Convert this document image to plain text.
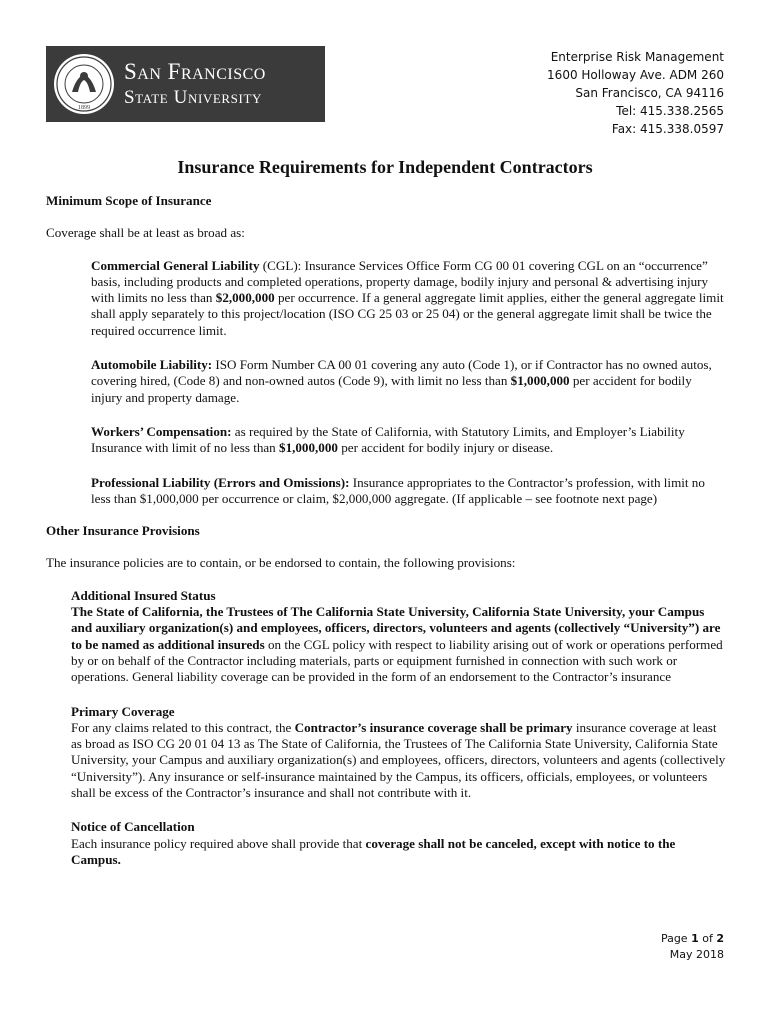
1899
San Francisco
State University
Enterprise Risk Management
1600 Holloway Ave. ADM 260
San Francisco, CA 94116
Tel: 415.338.2565
Fax: 415.338.0597
Insurance Requirements for Independent Contractors

Minimum Scope of Insurance

Coverage shall be at least as broad as:

Commercial General Liability (CGL): Insurance Services Office Form CG 00 01 covering CGL on an “occurrence” basis, including products and completed operations, property damage, bodily injury and personal & advertising injury with limits no less than $2,000,000 per occurrence. If a general aggregate limit applies, either the general aggregate limit shall apply separately to this project/location (ISO CG 25 03 or 25 04) or the general aggregate limit shall be twice the required occurrence limit.

Automobile Liability: ISO Form Number CA 00 01 covering any auto (Code 1), or if Contractor has no owned autos, covering hired, (Code 8) and non-owned autos (Code 9), with limit no less than $1,000,000 per accident for bodily injury and property damage.

Workers’ Compensation: as required by the State of California, with Statutory Limits, and Employer’s Liability Insurance with limit of no less than $1,000,000 per accident for bodily injury or disease.

Professional Liability (Errors and Omissions): Insurance appropriates to the Contractor’s profession, with limit no less than $1,000,000 per occurrence or claim, $2,000,000 aggregate. (If applicable – see footnote next page)

Other Insurance Provisions

The insurance policies are to contain, or be endorsed to contain, the following provisions:

Additional Insured Status

The State of California, the Trustees of The California State University, California State University, your Campus and auxiliary organization(s) and employees, officers, directors, volunteers and agents (collectively “University”) are to be named as additional insureds on the CGL policy with respect to liability arising out of work or operations performed by or on behalf of the Contractor including materials, parts or equipment furnished in connection with such work or operations. General liability coverage can be provided in the form of an endorsement to the Contractor’s insurance

Primary Coverage

For any claims related to this contract, the Contractor’s insurance coverage shall be primary insurance coverage at least as broad as ISO CG 20 01 04 13 as The State of California, the Trustees of The California State University, California State University, your Campus and auxiliary organization(s) and employees, officers, directors, volunteers and agents (collectively “University”). Any insurance or self-insurance maintained by the Campus, its officers, officials, employees, or volunteers shall be excess of the Contractor’s insurance and shall not contribute with it.

Notice of Cancellation

Each insurance policy required above shall provide that coverage shall not be canceled, except with notice to the Campus.

Page 1 of 2
May 2018
